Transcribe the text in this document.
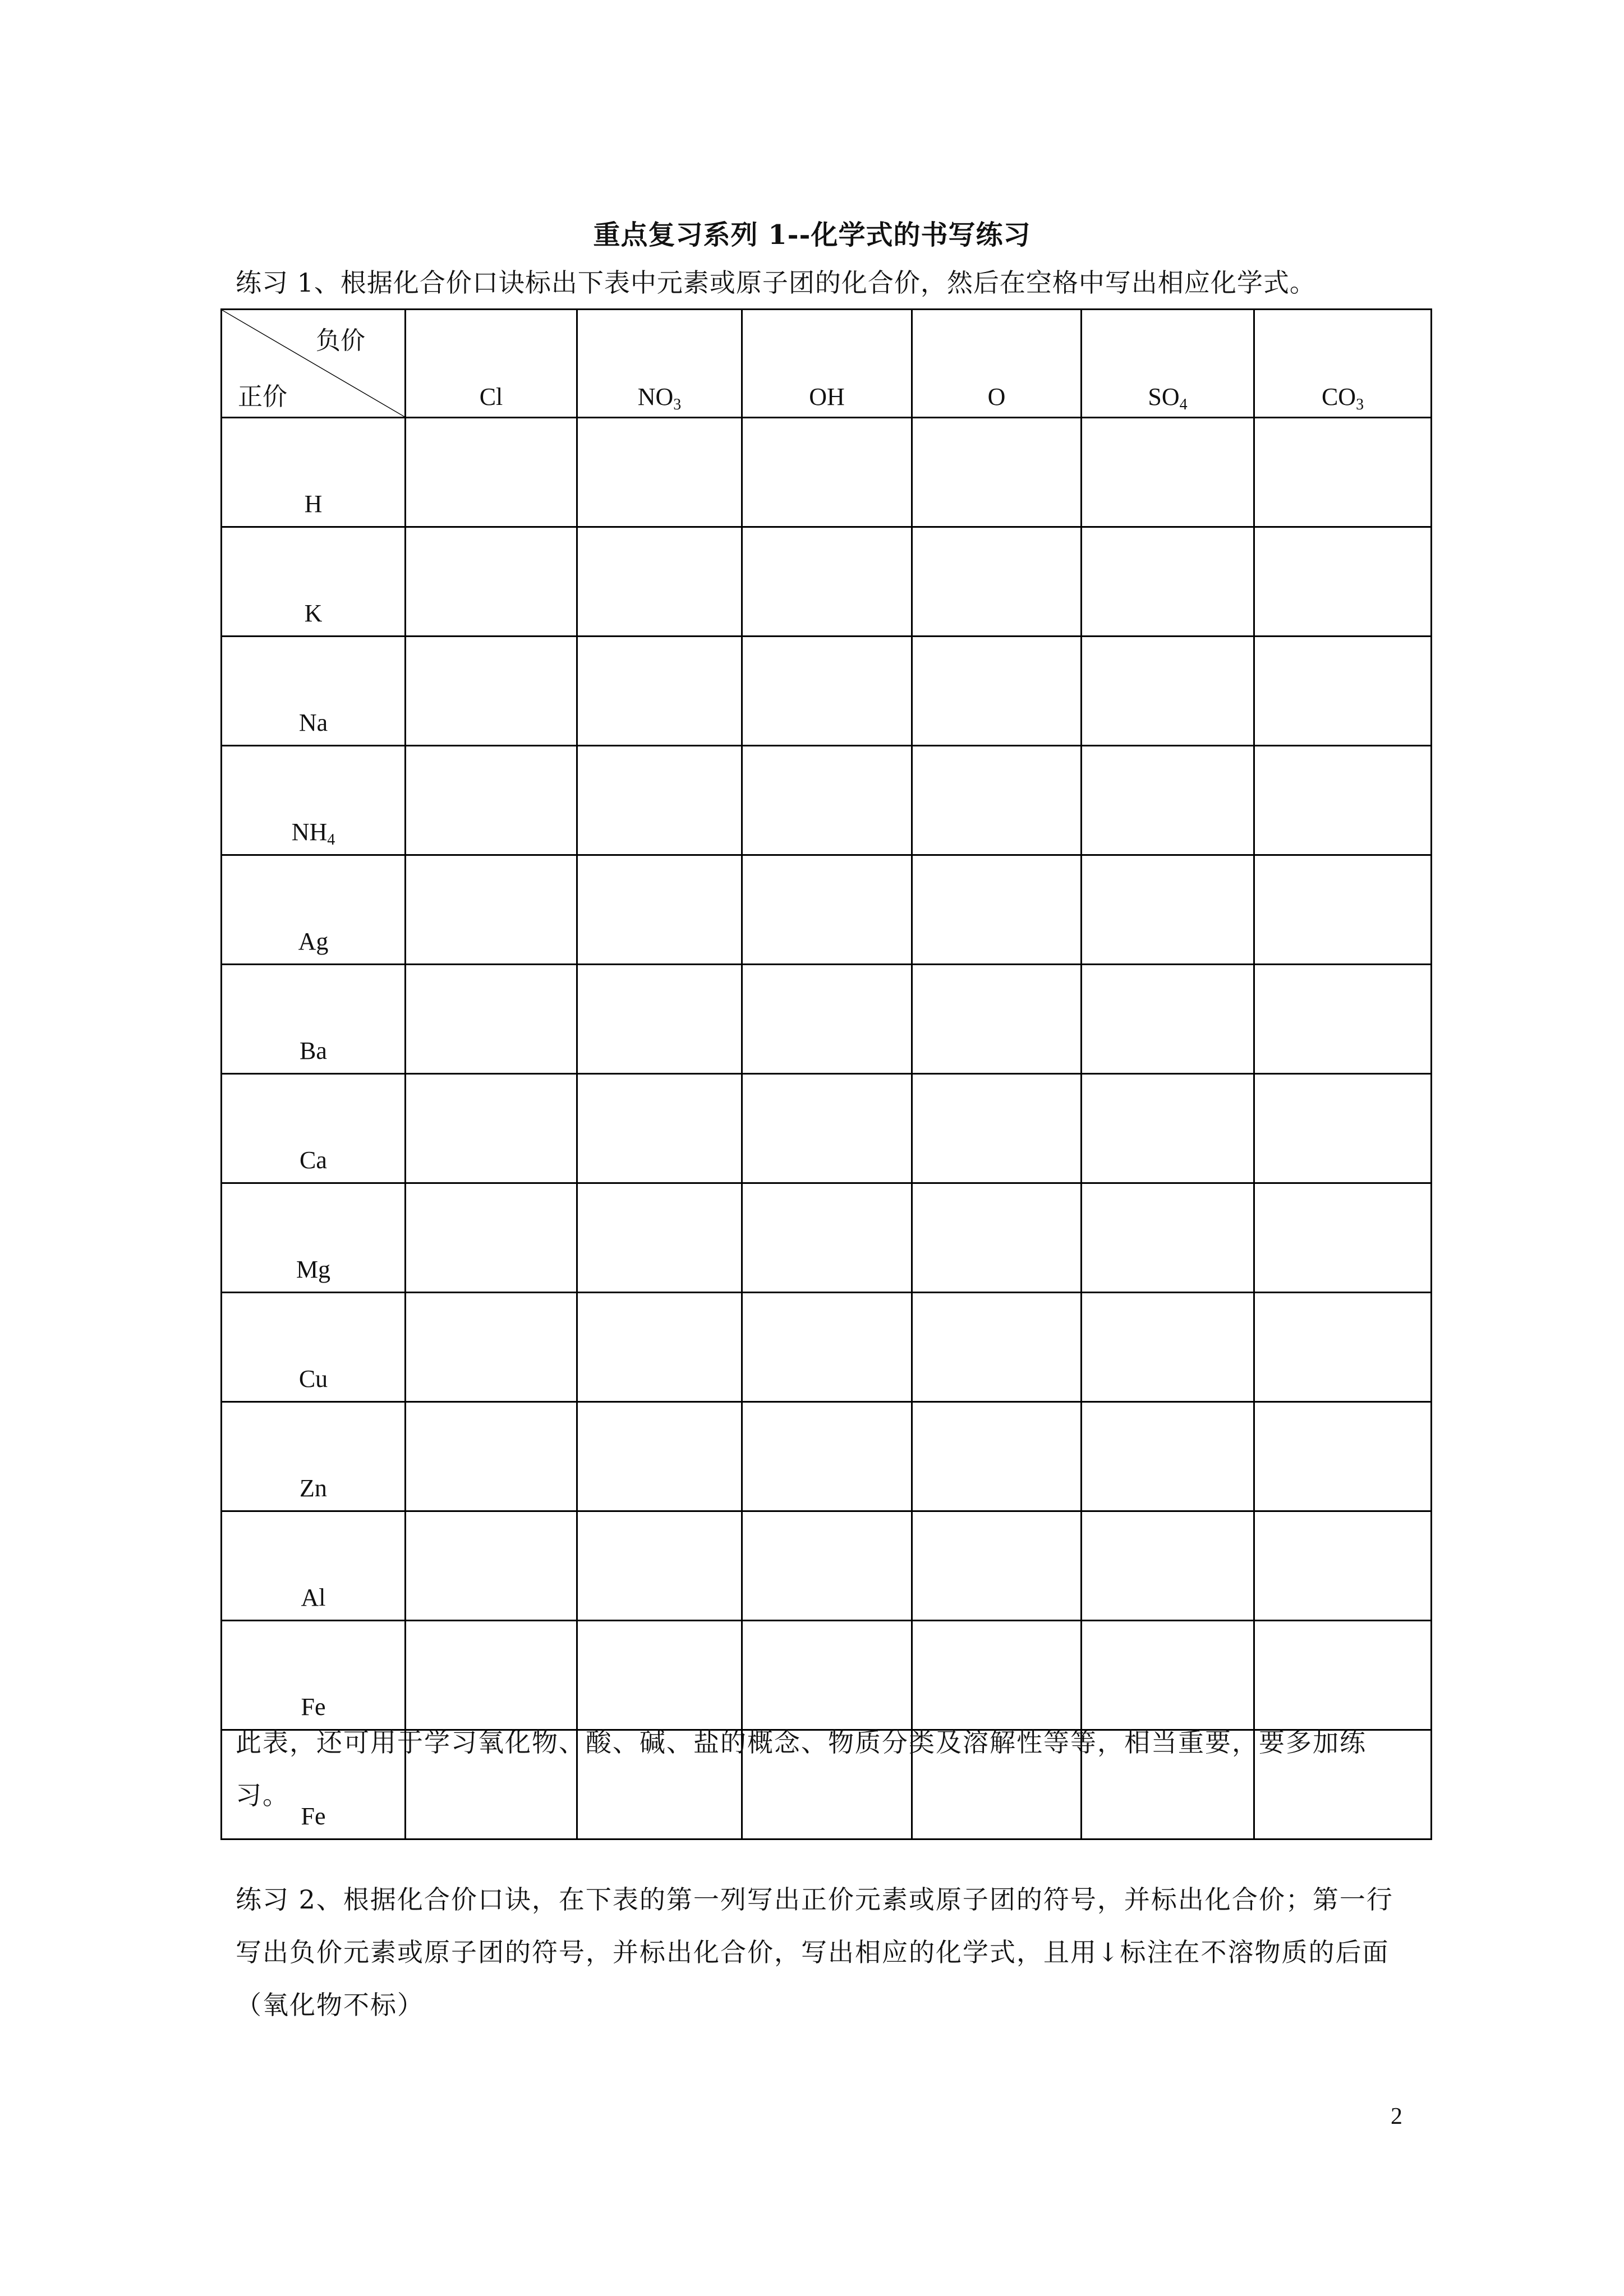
重点复习系列 1--化学式的书写练习
练习 1、根据化合价口诀标出下表中元素或原子团的化合价，然后在空格中写出相应化学式。
负价
正价	Cl	$NO_3$	OH	O	$SO_4$	$CO_3$
H						
K						
Na						
$NH_4$						
Ag						
Ba						
Ca						
Mg						
Cu						
Zn						
Al						
Fe						
Fe						
此表，还可用于学习氧化物、酸、碱、盐的概念、物质分类及溶解性等等，相当重要，要多加练习。
练习 2、根据化合价口诀，在下表的第一列写出正价元素或原子团的符号，并标出化合价；第一行写出负价元素或原子团的符号，并标出化合价，写出相应的化学式，且用↓标注在不溶物质的后面（氧化物不标）
2
